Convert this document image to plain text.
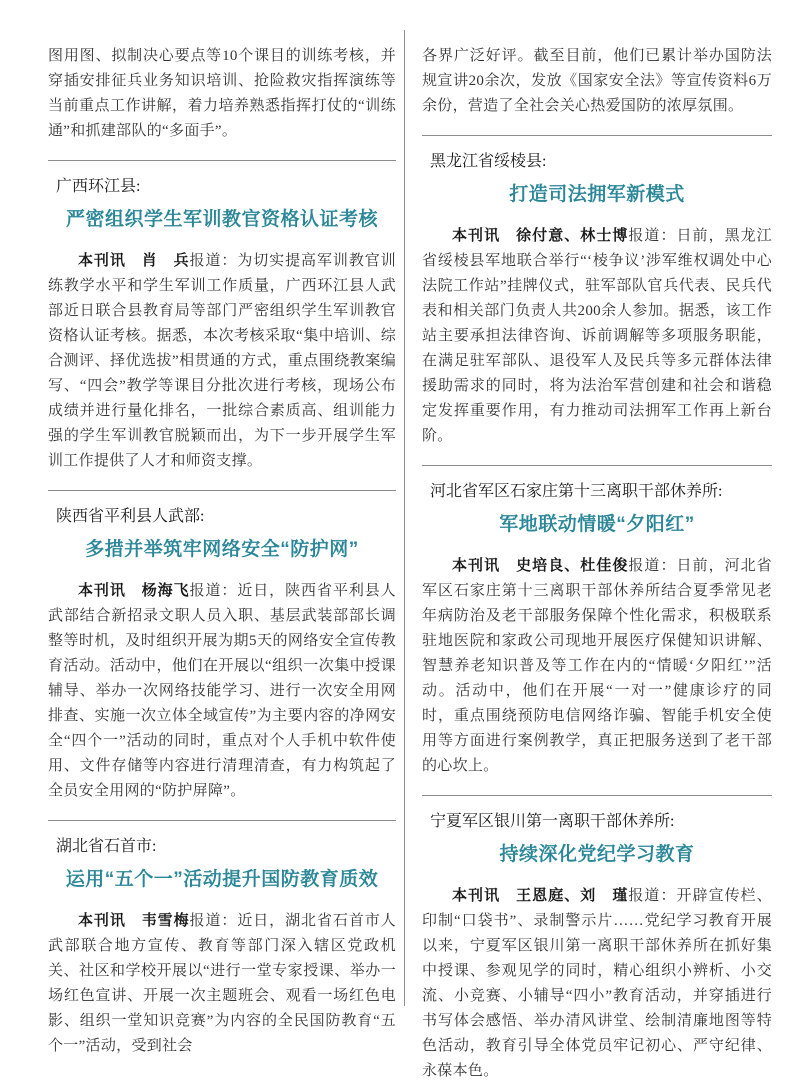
图用图、拟制决心要点等10个课目的训练考核，并穿插安排征兵业务知识培训、抢险救灾指挥演练等当前重点工作讲解，着力培养熟悉指挥打仗的“训练通”和抓建部队的“多面手”。

广西环江县:

严密组织学生军训教官资格认证考核

本刊讯　肖　兵报道：为切实提高军训教官训练教学水平和学生军训工作质量，广西环江县人武部近日联合县教育局等部门严密组织学生军训教官资格认证考核。据悉，本次考核采取“集中培训、综合测评、择优选拔”相贯通的方式，重点围绕教案编写、“四会”教学等课目分批次进行考核，现场公布成绩并进行量化排名，一批综合素质高、组训能力强的学生军训教官脱颖而出，为下一步开展学生军训工作提供了人才和师资支撑。

陕西省平利县人武部:

多措并举筑牢网络安全“防护网”

本刊讯　杨海飞报道：近日，陕西省平利县人武部结合新招录文职人员入职、基层武装部部长调整等时机，及时组织开展为期5天的网络安全宣传教育活动。活动中，他们在开展以“组织一次集中授课辅导、举办一次网络技能学习、进行一次安全用网排查、实施一次立体全域宣传”为主要内容的净网安全“四个一”活动的同时，重点对个人手机中软件使用、文件存储等内容进行清理清查，有力构筑起了全员安全用网的“防护屏障”。

湖北省石首市:

运用“五个一”活动提升国防教育质效

本刊讯　韦雪梅报道：近日，湖北省石首市人武部联合地方宣传、教育等部门深入辖区党政机关、社区和学校开展以“进行一堂专家授课、举办一场红色宣讲、开展一次主题班会、观看一场红色电影、组织一堂知识竞赛”为内容的全民国防教育“五个一”活动，受到社会

各界广泛好评。截至目前，他们已累计举办国防法规宣讲20余次，发放《国家安全法》等宣传资料6万余份，营造了全社会关心热爱国防的浓厚氛围。

黑龙江省绥棱县:

打造司法拥军新模式

本刊讯　徐付意、林士博报道：日前，黑龙江省绥棱县军地联合举行“‘棱争议’涉军维权调处中心法院工作站”挂牌仪式，驻军部队官兵代表、民兵代表和相关部门负责人共200余人参加。据悉，该工作站主要承担法律咨询、诉前调解等多项服务职能，在满足驻军部队、退役军人及民兵等多元群体法律援助需求的同时，将为法治军营创建和社会和谐稳定发挥重要作用，有力推动司法拥军工作再上新台阶。

河北省军区石家庄第十三离职干部休养所:

军地联动情暖“夕阳红”

本刊讯　史培良、杜佳俊报道：日前，河北省军区石家庄第十三离职干部休养所结合夏季常见老年病防治及老干部服务保障个性化需求，积极联系驻地医院和家政公司现地开展医疗保健知识讲解、智慧养老知识普及等工作在内的“情暖‘夕阳红’”活动。活动中，他们在开展“一对一”健康诊疗的同时，重点围绕预防电信网络诈骗、智能手机安全使用等方面进行案例教学，真正把服务送到了老干部的心坎上。

宁夏军区银川第一离职干部休养所:

持续深化党纪学习教育

本刊讯　王恩庭、刘　瑾报道：开辟宣传栏、印制“口袋书”、录制警示片……党纪学习教育开展以来，宁夏军区银川第一离职干部休养所在抓好集中授课、参观见学的同时，精心组织小辨析、小交流、小竞赛、小辅导“四小”教育活动，并穿插进行书写体会感悟、举办清风讲堂、绘制清廉地图等特色活动，教育引导全体党员牢记初心、严守纪律、永葆本色。
